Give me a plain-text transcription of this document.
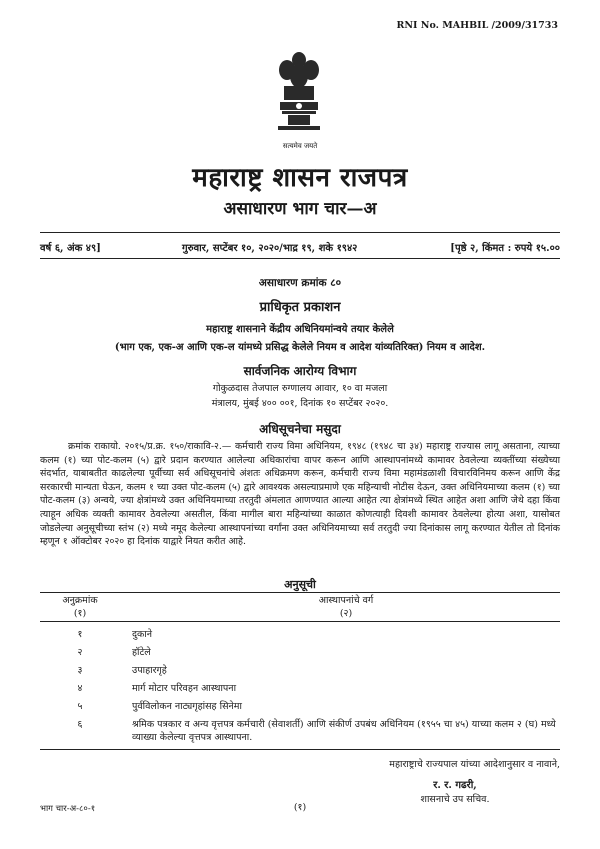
RNI No. MAHBIL /2009/31733
सत्यमेव जयते
महाराष्ट्र शासन राजपत्र
असाधारण भाग चार—अ
वर्ष ६, अंक ४९]	गुरुवार, सप्टेंबर १०, २०२०/भाद्र १९, शके १९४२	[पृष्ठे २, किंमत : रुपये १५.००
असाधारण क्रमांक ८०
प्राधिकृत प्रकाशन
महाराष्ट्र शासनाने केंद्रीय अधिनियमांन्वये तयार केलेले
(भाग एक, एक-अ आणि एक-ल यांमध्ये प्रसिद्ध केलेले नियम व आदेश यांव्यतिरिक्त) नियम व आदेश.
सार्वजनिक आरोग्य विभाग
गोकुळदास तेजपाल रुग्णालय आवार, १० वा मजला
मंत्रालय, मुंबई ४०० ००१, दिनांक १० सप्टेंबर २०२०.
अधिसूचनेचा मसुदा
क्रमांक राकायो. २०१५/प्र.क्र. १५०/राकावि-२.— कर्मचारी राज्य विमा अधिनियम, १९४८ (१९४८ चा ३४) महाराष्ट्र राज्यास लागू असताना, त्याच्या कलम (१) च्या पोट-कलम (५) द्वारे प्रदान करण्यात आलेल्या अधिकारांचा वापर करून आणि आस्थापनांमध्ये कामावर ठेवलेल्या व्यक्तींच्या संख्येच्या संदर्भात, याबाबतीत काढलेल्या पूर्वीच्या सर्व अधिसूचनांचे अंशतः अधिक्रमण करून, कर्मचारी राज्य विमा महामंडळाशी विचारविनिमय करून आणि केंद्र सरकारची मान्यता घेऊन, कलम १ च्या उक्त पोट-कलम (५) द्वारे आवश्यक असल्याप्रमाणे एक महिन्याची नोटीस देऊन, उक्त अधिनियमाच्या कलम (१) च्या पोट-कलम (३) अन्वये, ज्या क्षेत्रांमध्ये उक्त अधिनियमाच्या तरतुदी अंमलात आणण्यात आल्या आहेत त्या क्षेत्रांमध्ये स्थित आहेत अशा आणि जेथे दहा किंवा त्याहून अधिक व्यक्ती कामावर ठेवलेल्या असतील, किंवा मागील बारा महिन्यांच्या काळात कोणत्याही दिवशी कामावर ठेवलेल्या होत्या अशा, यासोबत जोडलेल्या अनुसूचीच्या स्तंभ (२) मध्ये नमूद केलेल्या आस्थापनांच्या वर्गांना उक्त अधिनियमाच्या सर्व तरतुदी ज्या दिनांकास लागू करण्यात येतील तो दिनांक म्हणून १ ऑक्टोबर २०२० हा दिनांक याद्वारे नियत करीत आहे.
अनुसूची
अनुक्रमांक
(१)
आस्थापनांचे वर्ग
(२)
१	दुकाने
२	हॉटेले
३	उपाहारगृहे
४	मार्ग मोटार परिवहन आस्थापना
५	पुर्वविलोकन नाट्यगृहांसह सिनेमा
६	श्रमिक पत्रकार व अन्य वृत्तपत्र कर्मचारी (सेवाशर्ती) आणि संकीर्ण उपबंध अधिनियम (१९५५ चा ४५) याच्या कलम २ (घ) मध्ये व्याख्या केलेल्या वृत्तपत्र आस्थापना.
महाराष्ट्राचे राज्यपाल यांच्या आदेशानुसार व नावाने,
र. र. गढरी,
शासनाचे उप सचिव.
भाग चार-अ-८०-१	(१)
